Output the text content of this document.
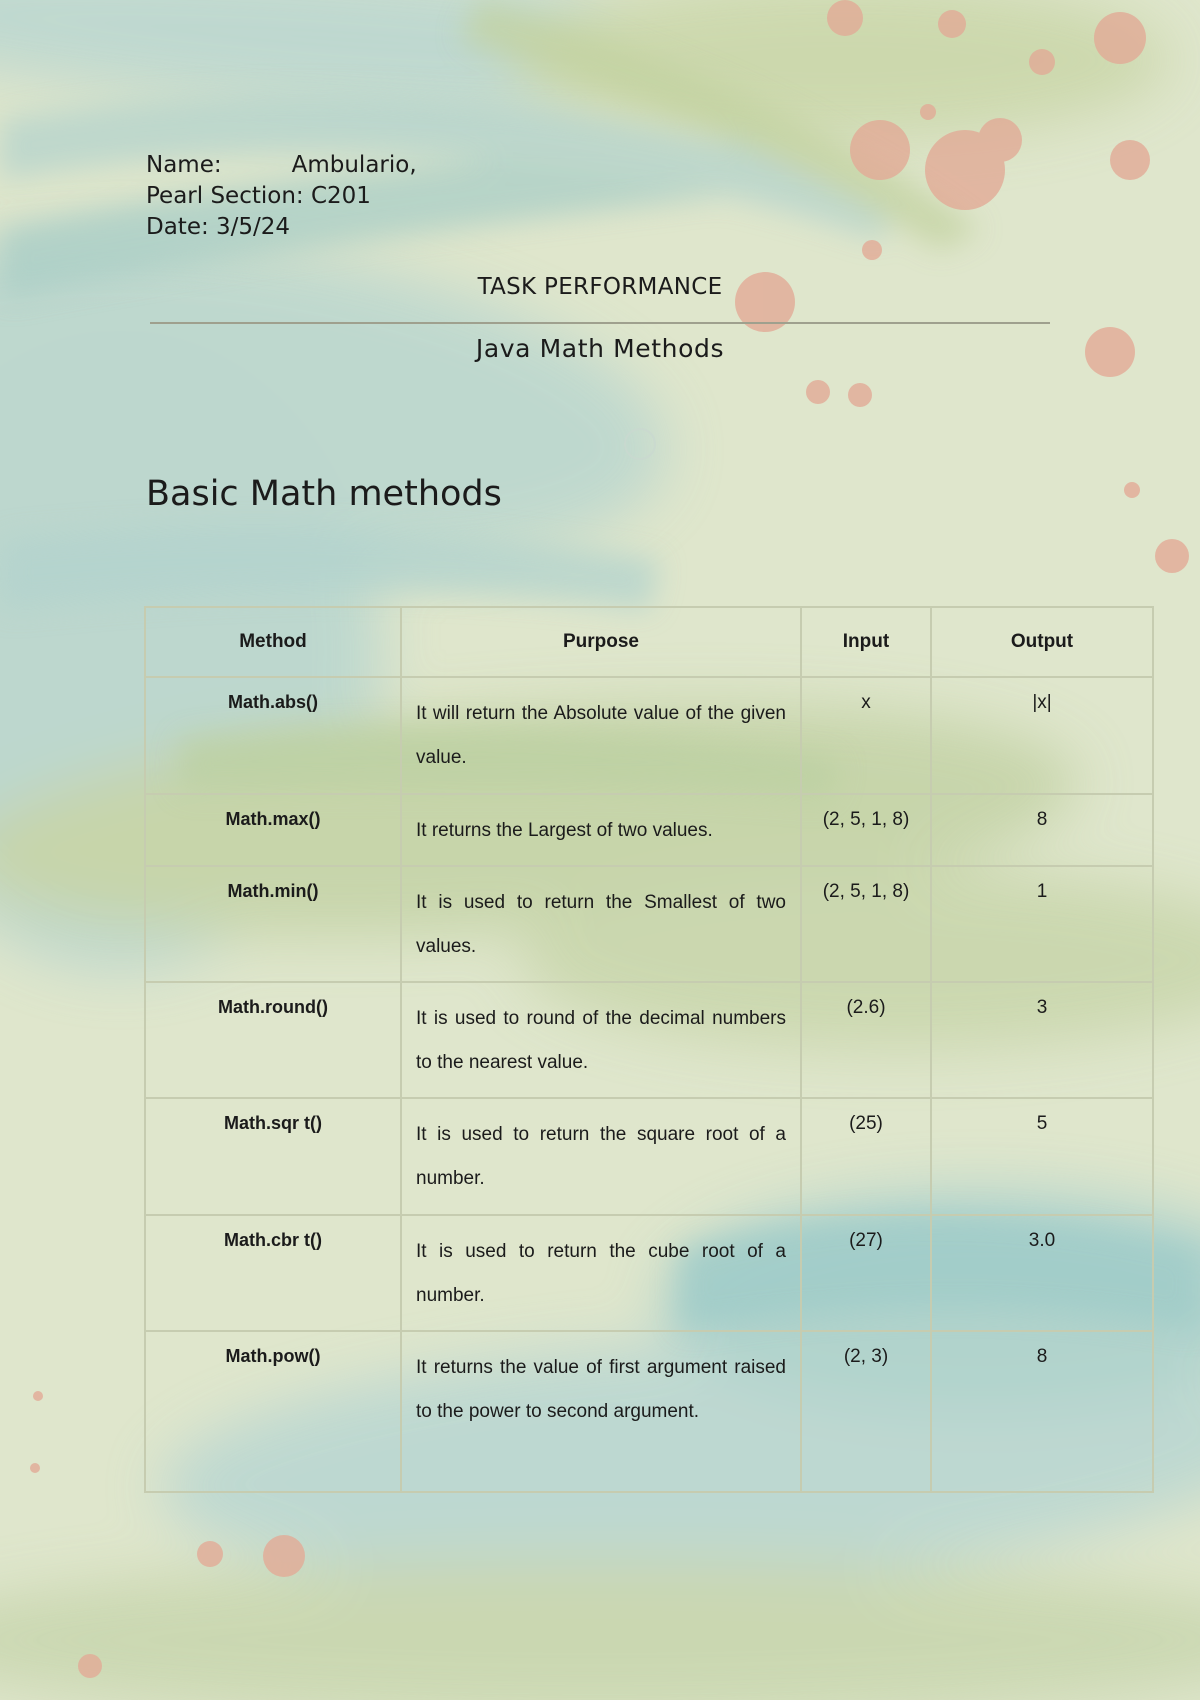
Name:	Ambulario,
Pearl Section: C201
Date: 3/5/24
TASK PERFORMANCE
Java Math Methods
Basic Math methods
Method	Purpose	Input	Output
Math.abs()	It will return the Absolute value of the given value.	x	|x|
Math.max()	It returns the Largest of two values.	(2, 5, 1, 8)	8
Math.min()	It is used to return the Smallest of two values.	(2, 5, 1, 8)	1
Math.round()	It is used to round of the decimal numbers to the nearest value.	(2.6)	3
Math.sqr t()	It is used to return the square root of a number.	(25)	5
Math.cbr t()	It is used to return the cube root of a number.	(27)	3.0
Math.pow()	It returns the value of first argument raised to the power to second argument.	(2, 3)	8
